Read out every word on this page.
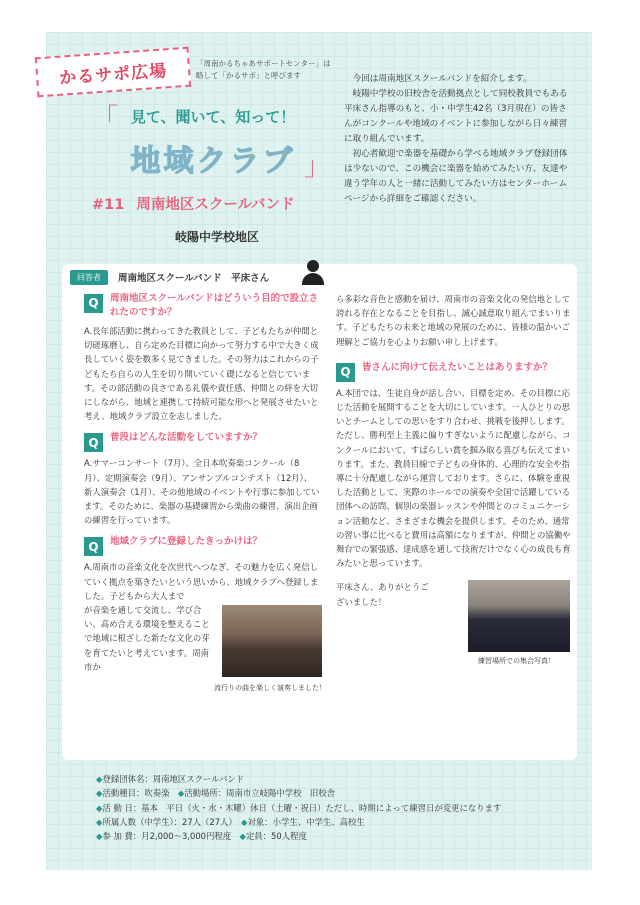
かるサポ広場	「周南かるちゃあサポートセンター」は略して「かるサポ」と呼びます
「 見て、聞いて、知って！
地域クラブ 」
#11 周南地区スクールバンド
岐陽中学校地区

今回は周南地区スクールバンドを紹介します。

岐陽中学校の旧校舎を活動拠点として同校教員でもある平床さん指導のもと、小・中学生42名（3月現在）の皆さんがコンクールや地域のイベントに参加しながら日々練習に取り組んでいます。

初心者歓迎で楽器を基礎から学べる地域クラブ登録団体は少ないので、この機会に楽器を始めてみたい方、友達や違う学年の人と一緒に活動してみたい方はセンターホームページから詳細をご確認ください。

回答者	周南地区スクールバンド　平床さん
Q	周南地区スクールバンドはどういう目的で設立されたのですか？

A.長年部活動に携わってきた教員として、子どもたちが仲間と切磋琢磨し、自ら定めた目標に向かって努力する中で大きく成長していく姿を数多く見てきました。その努力はこれからの子どもたち自らの人生を切り開いていく礎になると信じています。その部活動の良さである礼儀や責任感、仲間との絆を大切にしながら、地域と連携して持続可能な形へと発展させたいと考え、地域クラブ設立を志しました。

Q	普段はどんな活動をしていますか？

A.サマーコンサート（7月）、全日本吹奏楽コンクール（8月）、定期演奏会（9月）、アンサンブルコンテスト（12月）、新人演奏会（1月）、その他地域のイベントや行事に参加しています。そのために、楽器の基礎練習から楽曲の練習、演出企画の練習を行っています。

Q	地域クラブに登録したきっかけは？

A.周南市の音楽文化を次世代へつなぎ、その魅力を広く発信していく拠点を築きたいという思いから、地域クラブへ登録しました。子どもから大人まで

が音楽を通して交流し、学び合い、高め合える環境を整えることで地域に根ざした新たな文化の芽を育てたいと考えています。周南市か

流行りの曲を楽しく演奏しました！

ら多彩な音色と感動を届け、周南市の音楽文化の発信地として誇れる存在となることを目指し、誠心誠意取り組んでまいります。子どもたちの未来と地域の発展のために、皆様の温かいご理解とご協力を心よりお願い申し上げます。

Q	皆さんに向けて伝えたいことはありますか？

A.本団では、生徒自身が話し合い、目標を定め、その目標に応じた活動を展開することを大切にしています。一人ひとりの思いとチームとしての思いをすり合わせ、挑戦を後押しします。ただし、勝利至上主義に偏りすぎないように配慮しながら、コンクールにおいて、すばらしい賞を掴み取る喜びも伝えてまいります。また、教員目線で子どもの身体的、心理的な安全や指導に十分配慮しながら運営しております。さらに、体験を重視した活動として、実際のホールでの演奏や全国で活躍している団体への訪問、個別の楽器レッスンや仲間とのコミュニケーション活動など、さまざまな機会を提供します。そのため、通常の習い事に比べると費用は高額になりますが、仲間との協働や舞台での緊張感、達成感を通して技術だけでなく心の成長も育みたいと思っています。

平床さん、ありがとうございました！

練習場所での集合写真！
◆登録団体名：周南地区スクールバンド
◆活動種目：吹奏楽　 ◆活動場所：周南市立岐陽中学校　旧校舎
◆活 動 日：基本　平日（火・水・木曜）休日（土曜・祝日）ただし、時期によって練習日が変更になります
◆所属人数（中学生）：27人（27人）　 ◆対象：小学生、中学生、高校生
◆参 加 費：月2,000～3,000円程度　 ◆定員：50人程度
